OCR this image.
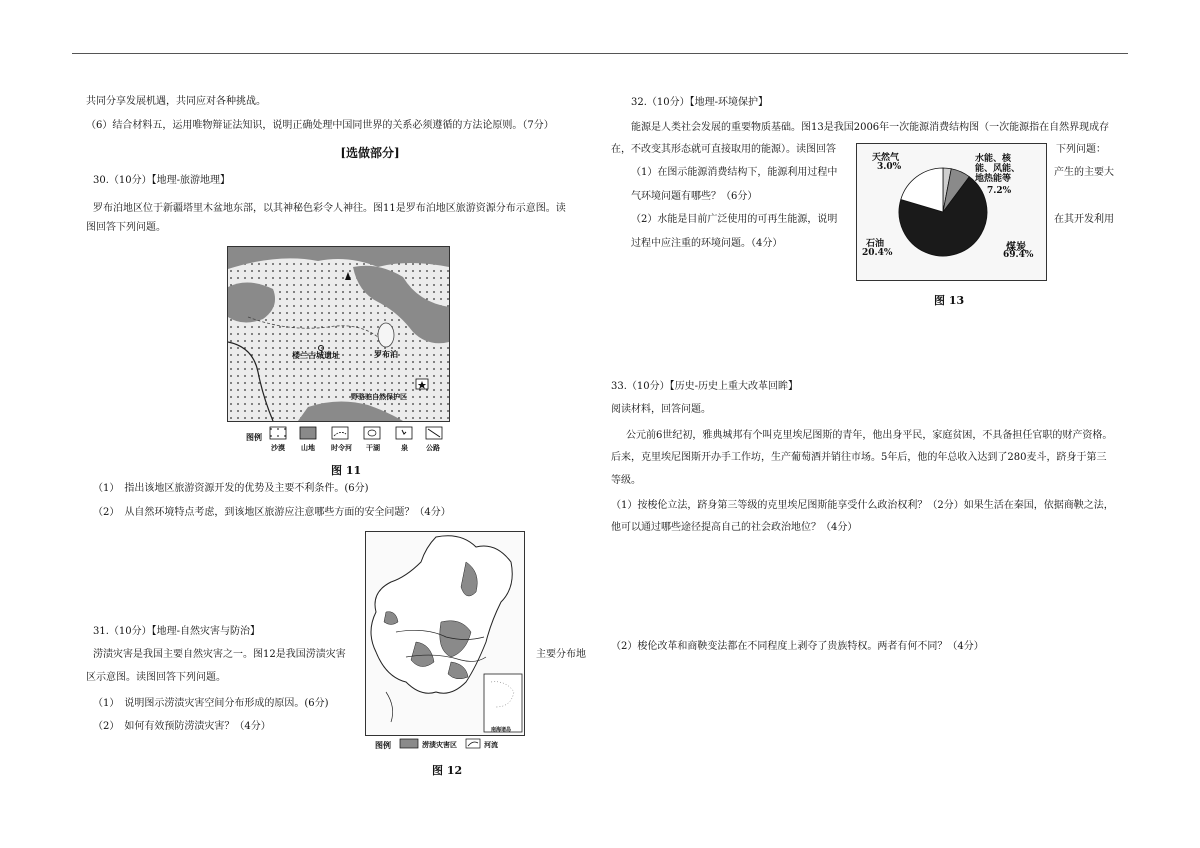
共同分享发展机遇，共同应对各种挑战。
（6）结合材料五，运用唯物辩证法知识，说明正确处理中国同世界的关系必须遵循的方法论原则。（7分）
[选做部分]
30.（10分）【地理-旅游地理】
罗布泊地区位于新疆塔里木盆地东部，以其神秘色彩令人神往。图11是罗布泊地区旅游资源分布示意图。读
图回答下列问题。
楼兰古城遗址	罗布泊
野骆驼自然保护区
图例
沙漠 山地 时令河 干湖	泉	公路
图 11
（1）　指出该地区旅游资源开发的优势及主要不利条件。(6分)
（2）　从自然环境特点考虑，到该地区旅游应注意哪些方面的安全问题？（4分）
南海诸岛
图例	涝渍灾害区	河流
图 12
31.（10分）【地理-自然灾害与防治】
涝渍灾害是我国主要自然灾害之一。图12是我国涝渍灾害	主要分布地
区示意图。读图回答下列问题。
（1）　说明图示涝渍灾害空间分布形成的原因。(6分)
（2）　如何有效预防涝渍灾害？（4分）
32.（10分）【地理-环境保护】
能源是人类社会发展的重要物质基础。图13是我国2006年一次能源消费结构图（一次能源指在自然界现成存
在，不改变其形态就可直接取用的能源）。读图回答	下列问题：
（1）在图示能源消费结构下，能源利用过程中	产生的主要大
气环境问题有哪些？（6分）
（2）水能是目前广泛使用的可再生能源，说明	在其开发利用
过程中应注重的环境问题。（4分）
天然气
3.0%
水能、核
能、风能、
地热能等
7.2%
石油
20.4%	煤炭
69.4%
图 13
33.（10分）【历史-历史上重大改革回眸】
阅读材料，回答问题。
公元前6世纪初，雅典城邦有个叫克里埃尼图斯的青年，他出身平民，家庭贫困，不具备担任官职的财产资格。
后来，克里埃尼图斯开办手工作坊，生产葡萄酒并销往市场。5年后，他的年总收入达到了280麦斗，跻身于第三
等级。
（1）按梭伦立法，跻身第三等级的克里埃尼图斯能享受什么政治权利？（2分）如果生活在秦国，依据商鞅之法，
他可以通过哪些途径提高自己的社会政治地位？（4分）
（2）梭伦改革和商鞅变法都在不同程度上剥夺了贵族特权。两者有何不同？（4分）
